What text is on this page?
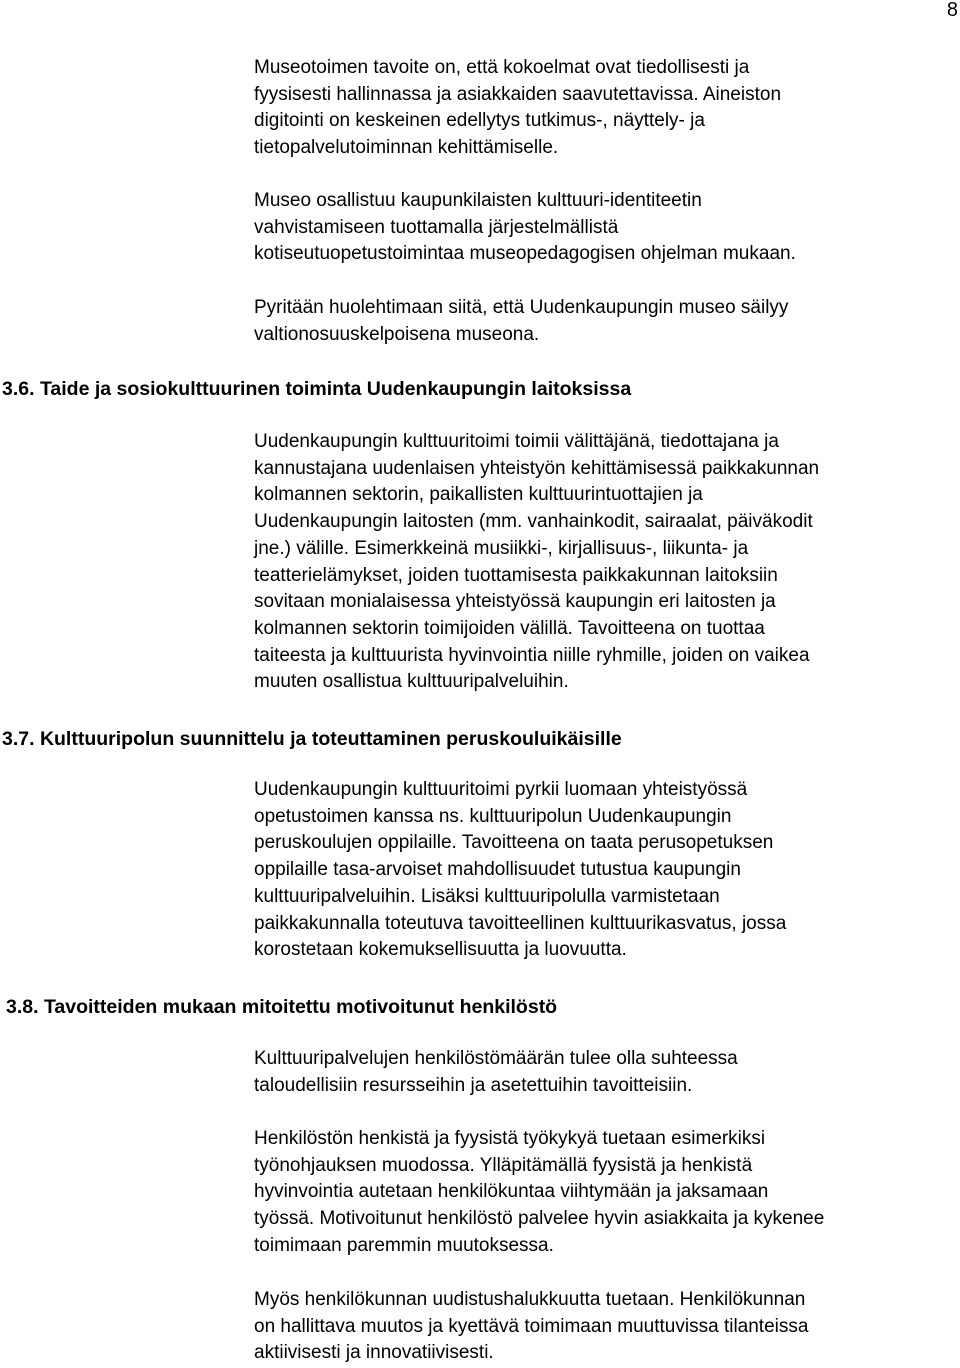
8

Museotoimen tavoite on, että kokoelmat ovat tiedollisesti ja
fyysisesti hallinnassa ja asiakkaiden saavutettavissa. Aineiston
digitointi on keskeinen edellytys tutkimus-, näyttely- ja
tietopalvelutoiminnan kehittämiselle.

Museo osallistuu kaupunkilaisten kulttuuri-identiteetin
vahvistamiseen tuottamalla järjestelmällistä
kotiseutuopetustoimintaa museopedagogisen ohjelman mukaan.

Pyritään huolehtimaan siitä, että Uudenkaupungin museo säilyy
valtionosuuskelpoisena museona.

3.6. Taide ja sosiokulttuurinen toiminta Uudenkaupungin laitoksissa

Uudenkaupungin kulttuuritoimi toimii välittäjänä, tiedottajana ja
kannustajana uudenlaisen yhteistyön kehittämisessä paikkakunnan
kolmannen sektorin, paikallisten kulttuurintuottajien ja
Uudenkaupungin laitosten (mm. vanhainkodit, sairaalat, päiväkodit
jne.) välille. Esimerkkeinä musiikki-, kirjallisuus-, liikunta- ja
teatterielämykset, joiden tuottamisesta paikkakunnan laitoksiin
sovitaan monialaisessa yhteistyössä kaupungin eri laitosten ja
kolmannen sektorin toimijoiden välillä. Tavoitteena on tuottaa
taiteesta ja kulttuurista hyvinvointia niille ryhmille, joiden on vaikea
muuten osallistua kulttuuripalveluihin.

3.7. Kulttuuripolun suunnittelu ja toteuttaminen peruskouluikäisille

Uudenkaupungin kulttuuritoimi pyrkii luomaan yhteistyössä
opetustoimen kanssa ns. kulttuuripolun Uudenkaupungin
peruskoulujen oppilaille. Tavoitteena on taata perusopetuksen
oppilaille tasa-arvoiset mahdollisuudet tutustua kaupungin
kulttuuripalveluihin. Lisäksi kulttuuripolulla varmistetaan
paikkakunnalla toteutuva tavoitteellinen kulttuurikasvatus, jossa
korostetaan kokemuksellisuutta ja luovuutta.

3.8. Tavoitteiden mukaan mitoitettu motivoitunut henkilöstö

Kulttuuripalvelujen henkilöstömäärän tulee olla suhteessa
taloudellisiin resursseihin ja asetettuihin tavoitteisiin.

Henkilöstön henkistä ja fyysistä työkykyä tuetaan esimerkiksi
työnohjauksen muodossa. Ylläpitämällä fyysistä ja henkistä
hyvinvointia autetaan henkilökuntaa viihtymään ja jaksamaan
työssä. Motivoitunut henkilöstö palvelee hyvin asiakkaita ja kykenee
toimimaan paremmin muutoksessa.

Myös henkilökunnan uudistushalukkuutta tuetaan. Henkilökunnan
on hallittava muutos ja kyettävä toimimaan muuttuvissa tilanteissa
aktiivisesti ja innovatiivisesti.
